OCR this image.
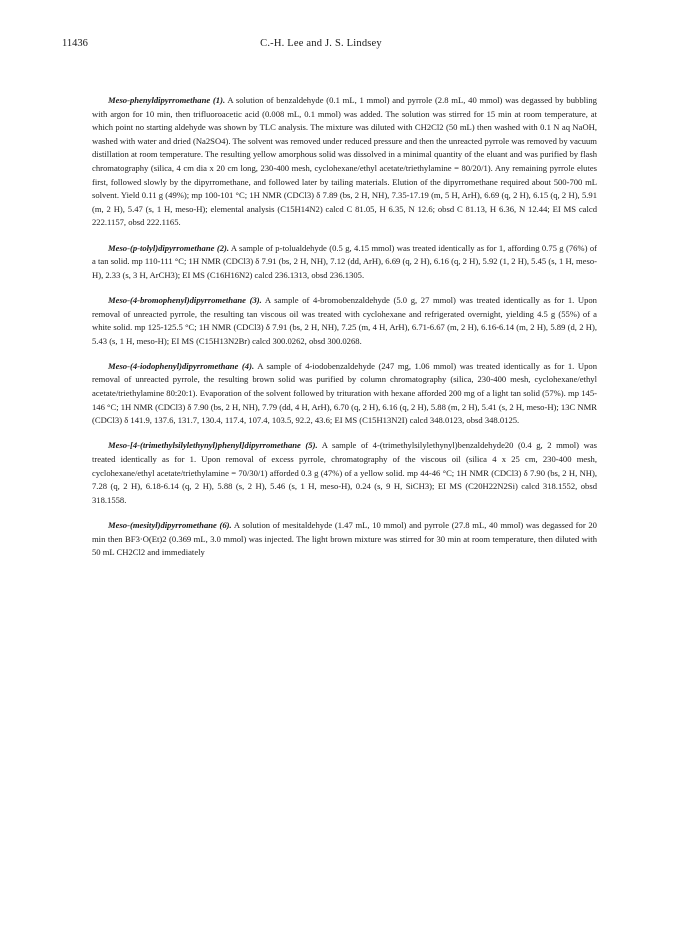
11436	C.-H. Lee and J. S. Lindsey

Meso-phenyldipyrromethane (1). A solution of benzaldehyde (0.1 mL, 1 mmol) and pyrrole (2.8 mL, 40 mmol) was degassed by bubbling with argon for 10 min, then trifluoroacetic acid (0.008 mL, 0.1 mmol) was added. The solution was stirred for 15 min at room temperature, at which point no starting aldehyde was shown by TLC analysis. The mixture was diluted with CH2Cl2 (50 mL) then washed with 0.1 N aq NaOH, washed with water and dried (Na2SO4). The solvent was removed under reduced pressure and then the unreacted pyrrole was removed by vacuum distillation at room temperature. The resulting yellow amorphous solid was dissolved in a minimal quantity of the eluant and was purified by flash chromatography (silica, 4 cm dia x 20 cm long, 230-400 mesh, cyclohexane/ethyl acetate/triethylamine = 80/20/1). Any remaining pyrrole elutes first, followed slowly by the dipyrromethane, and followed later by tailing materials. Elution of the dipyrromethane required about 500-700 mL solvent. Yield 0.11 g (49%); mp 100-101 °C; 1H NMR (CDCl3) δ 7.89 (bs, 2 H, NH), 7.35-17.19 (m, 5 H, ArH), 6.69 (q, 2 H), 6.15 (q, 2 H), 5.91 (m, 2 H), 5.47 (s, 1 H, meso-H); elemental analysis (C15H14N2) calcd C 81.05, H 6.35, N 12.6; obsd C 81.13, H 6.36, N 12.44; EI MS calcd 222.1157, obsd 222.1165.

Meso-(p-tolyl)dipyrromethane (2). A sample of p-tolualdehyde (0.5 g, 4.15 mmol) was treated identically as for 1, affording 0.75 g (76%) of a tan solid. mp 110-111 °C; 1H NMR (CDCl3) δ 7.91 (bs, 2 H, NH), 7.12 (dd, ArH), 6.69 (q, 2 H), 6.16 (q, 2 H), 5.92 (1, 2 H), 5.45 (s, 1 H, meso-H), 2.33 (s, 3 H, ArCH3); EI MS (C16H16N2) calcd 236.1313, obsd 236.1305.

Meso-(4-bromophenyl)dipyrromethane (3). A sample of 4-bromobenzaldehyde (5.0 g, 27 mmol) was treated identically as for 1. Upon removal of unreacted pyrrole, the resulting tan viscous oil was treated with cyclohexane and refrigerated overnight, yielding 4.5 g (55%) of a white solid. mp 125-125.5 °C; 1H NMR (CDCl3) δ 7.91 (bs, 2 H, NH), 7.25 (m, 4 H, ArH), 6.71-6.67 (m, 2 H), 6.16-6.14 (m, 2 H), 5.89 (d, 2 H), 5.43 (s, 1 H, meso-H); EI MS (C15H13N2Br) calcd 300.0262, obsd 300.0268.

Meso-(4-iodophenyl)dipyrromethane (4). A sample of 4-iodobenzaldehyde (247 mg, 1.06 mmol) was treated identically as for 1. Upon removal of unreacted pyrrole, the resulting brown solid was purified by column chromatography (silica, 230-400 mesh, cyclohexane/ethyl acetate/triethylamine 80:20:1). Evaporation of the solvent followed by trituration with hexane afforded 200 mg of a light tan solid (57%). mp 145-146 °C; 1H NMR (CDCl3) δ 7.90 (bs, 2 H, NH), 7.79 (dd, 4 H, ArH), 6.70 (q, 2 H), 6.16 (q, 2 H), 5.88 (m, 2 H), 5.41 (s, 2 H, meso-H); 13C NMR (CDCl3) δ 141.9, 137.6, 131.7, 130.4, 117.4, 107.4, 103.5, 92.2, 43.6; EI MS (C15H13N2I) calcd 348.0123, obsd 348.0125.

Meso-[4-(trimethylsilylethynyl)phenyl]dipyrromethane (5). A sample of 4-(trimethylsilylethynyl)benzaldehyde20 (0.4 g, 2 mmol) was treated identically as for 1. Upon removal of excess pyrrole, chromatography of the viscous oil (silica 4 x 25 cm, 230-400 mesh, cyclohexane/ethyl acetate/triethylamine = 70/30/1) afforded 0.3 g (47%) of a yellow solid. mp 44-46 °C; 1H NMR (CDCl3) δ 7.90 (bs, 2 H, NH), 7.28 (q, 2 H), 6.18-6.14 (q, 2 H), 5.88 (s, 2 H), 5.46 (s, 1 H, meso-H), 0.24 (s, 9 H, SiCH3); EI MS (C20H22N2Si) calcd 318.1552, obsd 318.1558.

Meso-(mesityl)dipyrromethane (6). A solution of mesitaldehyde (1.47 mL, 10 mmol) and pyrrole (27.8 mL, 40 mmol) was degassed for 20 min then BF3·O(Et)2 (0.369 mL, 3.0 mmol) was injected. The light brown mixture was stirred for 30 min at room temperature, then diluted with 50 mL CH2Cl2 and immediately
